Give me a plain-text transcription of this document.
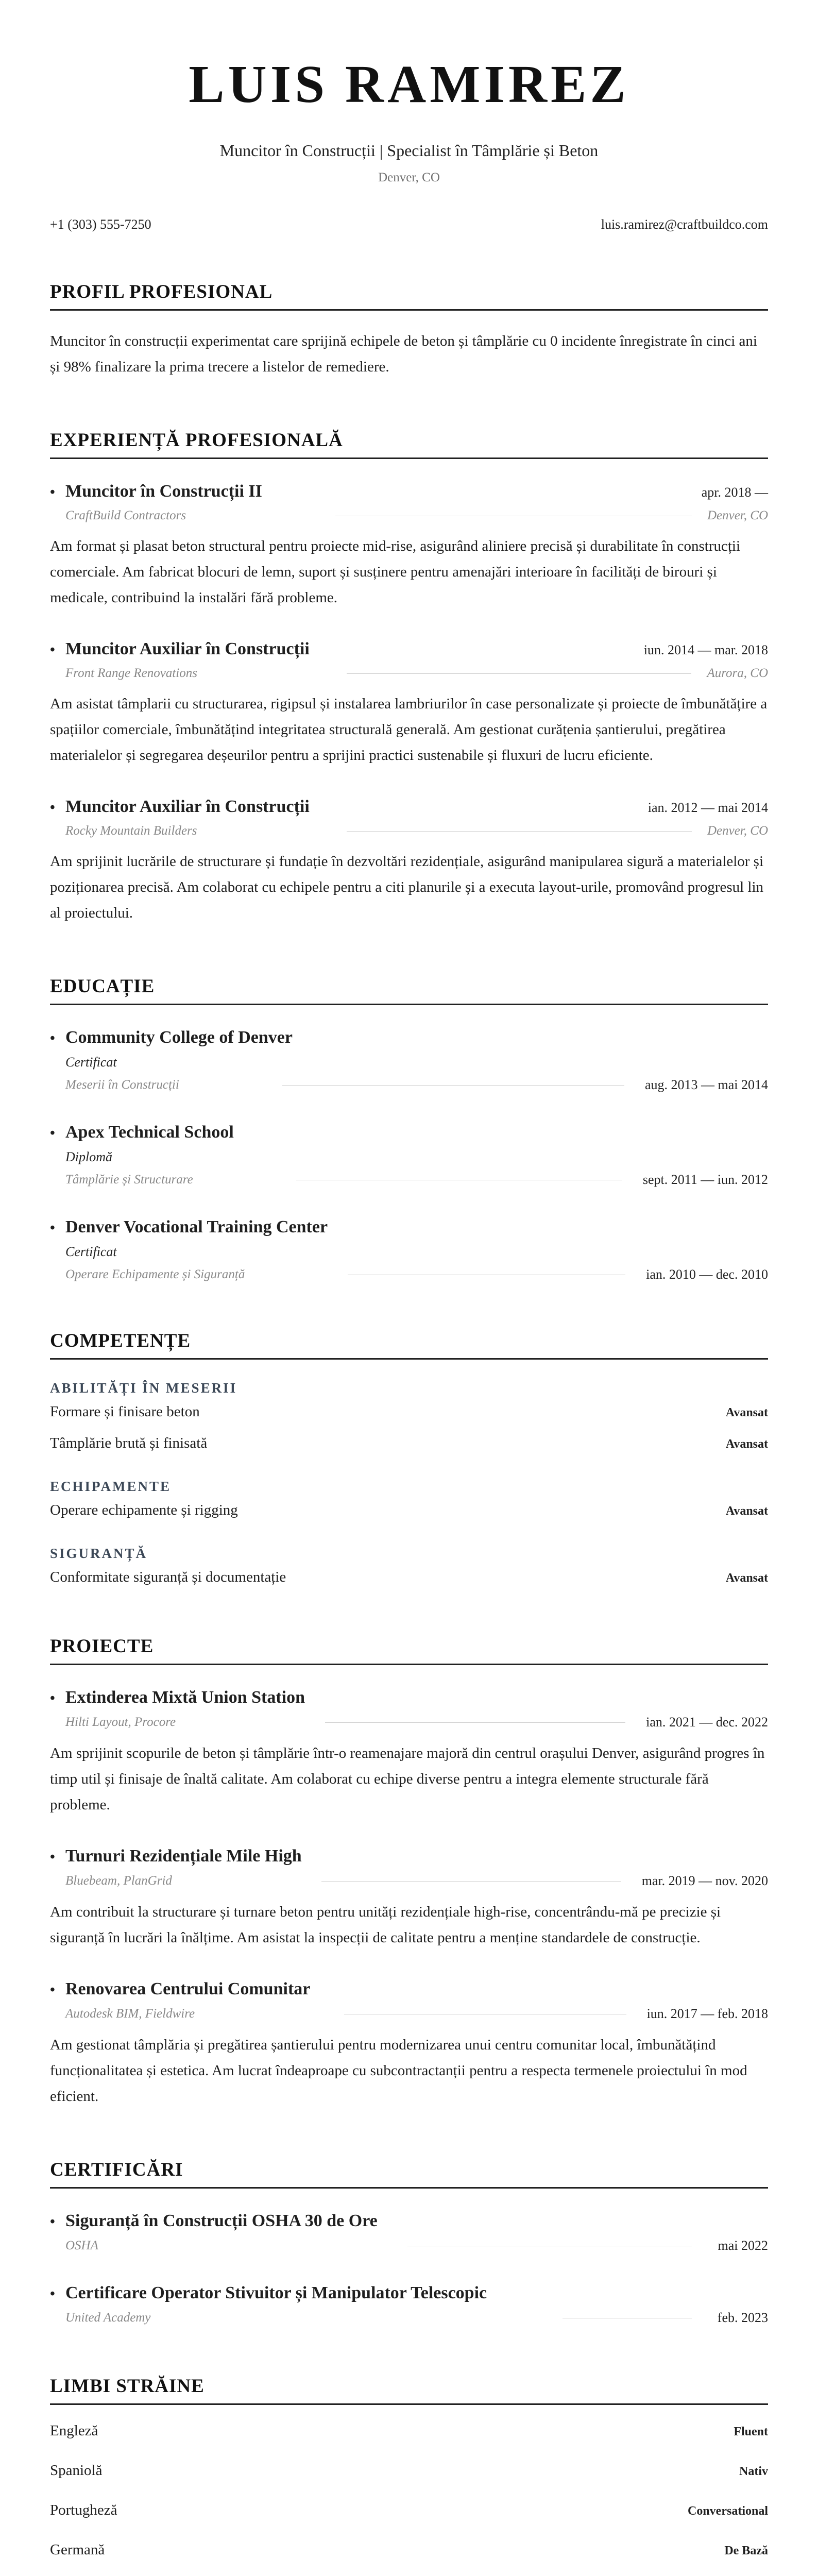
LUIS RAMIREZ
Muncitor în Construcții | Specialist în Tâmplărie și Beton
Denver, CO
+1 (303) 555-7250	luis.ramirez@craftbuildco.com
PROFIL PROFESIONAL
Muncitor în construcții experimentat care sprijină echipele de beton și tâmplărie cu 0 incidente înregistrate în cinci ani și 98% finalizare la prima trecere a listelor de remediere.
EXPERIENȚĂ PROFESIONALĂ
• Muncitor în Construcții II	apr. 2018 —
CraftBuild Contractors	Denver, CO
Am format și plasat beton structural pentru proiecte mid-rise, asigurând aliniere precisă și durabilitate în construcții comerciale. Am fabricat blocuri de lemn, suport și susținere pentru amenajări interioare în facilități de birouri și medicale, contribuind la instalări fără probleme.
• Muncitor Auxiliar în Construcții	iun. 2014 — mar. 2018
Front Range Renovations	Aurora, CO
Am asistat tâmplarii cu structurarea, rigipsul și instalarea lambriurilor în case personalizate și proiecte de îmbunătățire a spațiilor comerciale, îmbunătățind integritatea structurală generală. Am gestionat curățenia șantierului, pregătirea materialelor și segregarea deșeurilor pentru a sprijini practici sustenabile și fluxuri de lucru eficiente.
• Muncitor Auxiliar în Construcții	ian. 2012 — mai 2014
Rocky Mountain Builders	Denver, CO
Am sprijinit lucrările de structurare și fundație în dezvoltări rezidențiale, asigurând manipularea sigură a materialelor și poziționarea precisă. Am colaborat cu echipele pentru a citi planurile și a executa layout-urile, promovând progresul lin al proiectului.
EDUCAȚIE
• Community College of Denver
Certificat
Meserii în Construcții	aug. 2013 — mai 2014
• Apex Technical School
Diplomă
Tâmplărie și Structurare	sept. 2011 — iun. 2012
• Denver Vocational Training Center
Certificat
Operare Echipamente și Siguranță	ian. 2010 — dec. 2010
COMPETENȚE
ABILITĂȚI ÎN MESERII
Formare și finisare beton	Avansat
Tâmplărie brută și finisată	Avansat
ECHIPAMENTE
Operare echipamente și rigging	Avansat
SIGURANȚĂ
Conformitate siguranță și documentație	Avansat
PROIECTE
• Extinderea Mixtă Union Station
Hilti Layout, Procore	ian. 2021 — dec. 2022
Am sprijinit scopurile de beton și tâmplărie într-o reamenajare majoră din centrul orașului Denver, asigurând progres în timp util și finisaje de înaltă calitate. Am colaborat cu echipe diverse pentru a integra elemente structurale fără probleme.
• Turnuri Rezidențiale Mile High
Bluebeam, PlanGrid	mar. 2019 — nov. 2020
Am contribuit la structurare și turnare beton pentru unități rezidențiale high-rise, concentrându-mă pe precizie și siguranță în lucrări la înălțime. Am asistat la inspecții de calitate pentru a menține standardele de construcție.
• Renovarea Centrului Comunitar
Autodesk BIM, Fieldwire	iun. 2017 — feb. 2018
Am gestionat tâmplăria și pregătirea șantierului pentru modernizarea unui centru comunitar local, îmbunătățind funcționalitatea și estetica. Am lucrat îndeaproape cu subcontractanții pentru a respecta termenele proiectului în mod eficient.
CERTIFICĂRI
• Siguranță în Construcții OSHA 30 de Ore
OSHA	mai 2022
• Certificare Operator Stivuitor și Manipulator Telescopic
United Academy	feb. 2023
LIMBI STRĂINE
Engleză	Fluent
Spaniolă	Nativ
Portugheză	Conversational
Germană	De Bază
